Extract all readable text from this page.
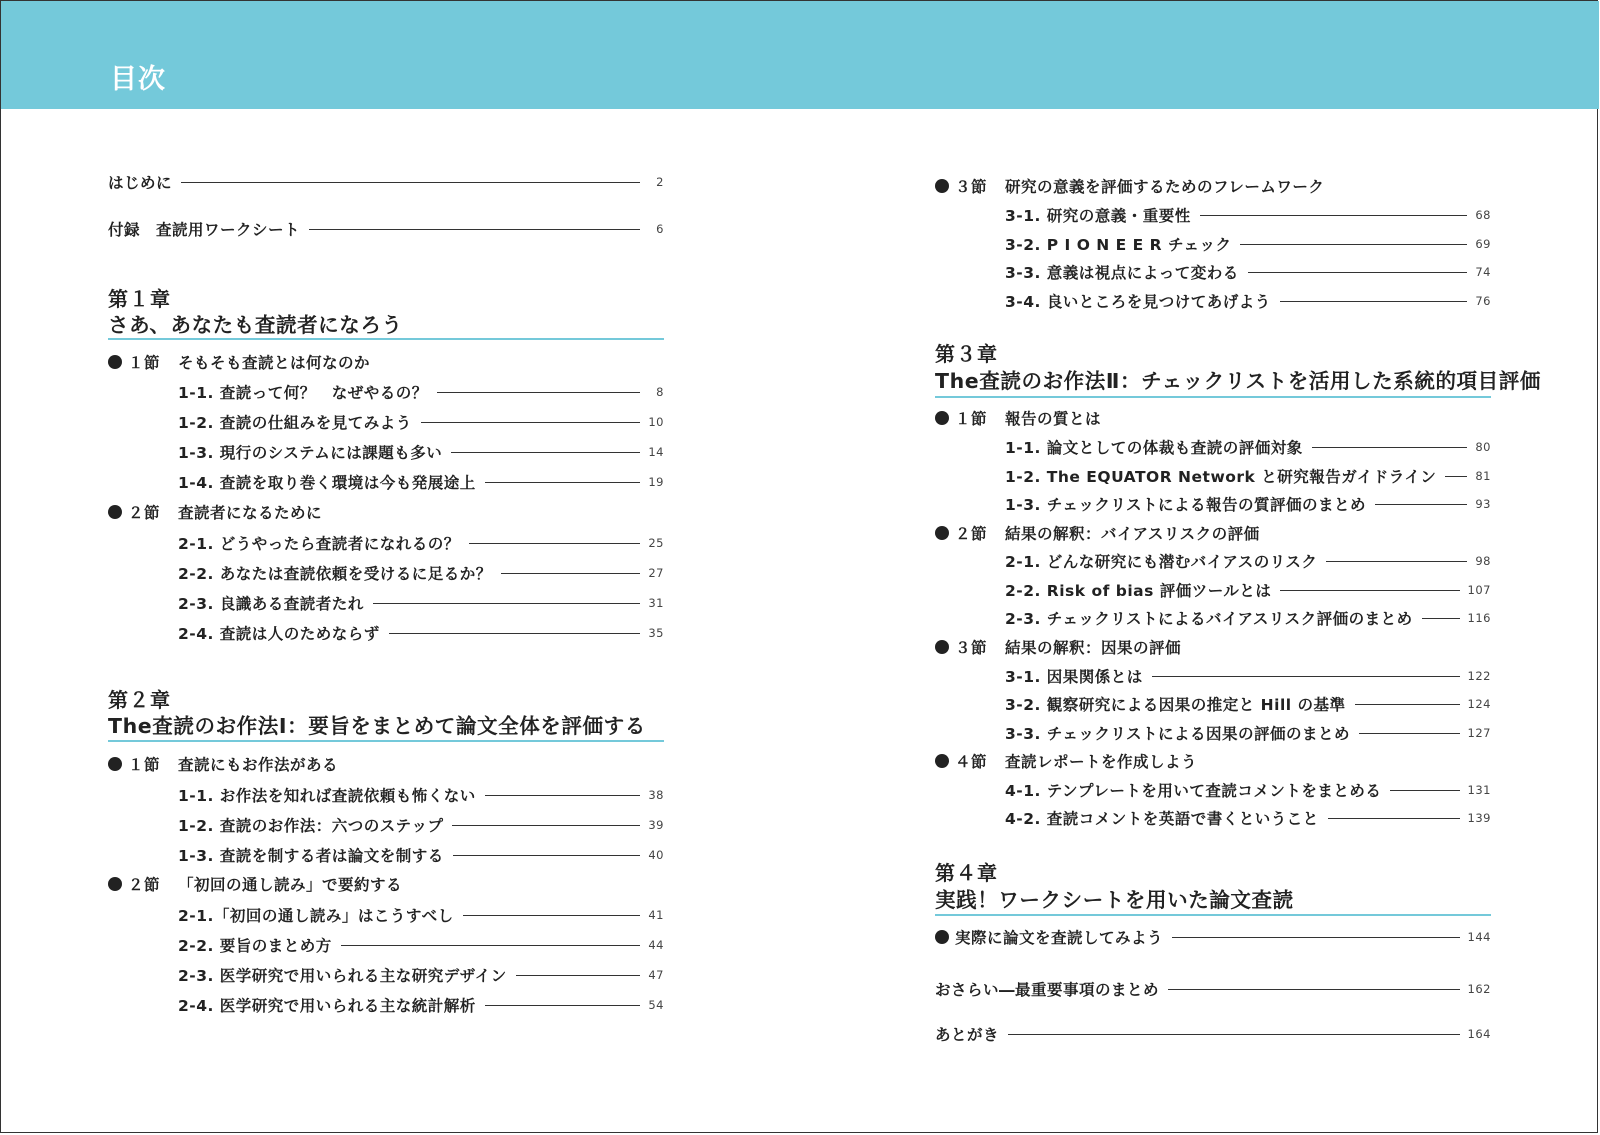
目次
はじめに	2
付録　査読用ワークシート	6
第１章
さあ、あなたも査読者になろう
１節 そもそも査読とは何なのか
1-1. 査読って何？　なぜやるの？	8
1-2. 査読の仕組みを見てみよう	10
1-3. 現行のシステムには課題も多い	14
1-4. 査読を取り巻く環境は今も発展途上	19
２節 査読者になるために
2-1. どうやったら査読者になれるの？	25
2-2. あなたは査読依頼を受けるに足るか？	27
2-3. 良識ある査読者たれ	31
2-4. 査読は人のためならず	35
第２章
The査読のお作法Ⅰ：要旨をまとめて論文全体を評価する
１節 査読にもお作法がある
1-1. お作法を知れば査読依頼も怖くない	38
1-2. 査読のお作法：六つのステップ	39
1-3. 査読を制する者は論文を制する	40
２節 「初回の通し読み」で要約する
2-1.「初回の通し読み」はこうすべし	41
2-2. 要旨のまとめ方	44
2-3. 医学研究で用いられる主な研究デザイン	47
2-4. 医学研究で用いられる主な統計解析	54
３節 研究の意義を評価するためのフレームワーク
3-1. 研究の意義・重要性	68
3-2. P I O N E E R チェック	69
3-3. 意義は視点によって変わる	74
3-4. 良いところを見つけてあげよう	76
第３章
The査読のお作法Ⅱ：チェックリストを活用した系統的項目評価
１節 報告の質とは
1-1. 論文としての体裁も査読の評価対象	80
1-2. The EQUATOR Network と研究報告ガイドライン	81
1-3. チェックリストによる報告の質評価のまとめ	93
２節 結果の解釈：バイアスリスクの評価
2-1. どんな研究にも潜むバイアスのリスク	98
2-2. Risk of bias 評価ツールとは	107
2-3. チェックリストによるバイアスリスク評価のまとめ	116
３節 結果の解釈：因果の評価
3-1. 因果関係とは	122
3-2. 観察研究による因果の推定と Hill の基準	124
3-3. チェックリストによる因果の評価のまとめ	127
４節 査読レポートを作成しよう
4-1. テンプレートを用いて査読コメントをまとめる	131
4-2. 査読コメントを英語で書くということ	139
第４章
実践！ワークシートを用いた論文査読
実際に論文を査読してみよう	144
おさらい―最重要事項のまとめ	162
あとがき	164
